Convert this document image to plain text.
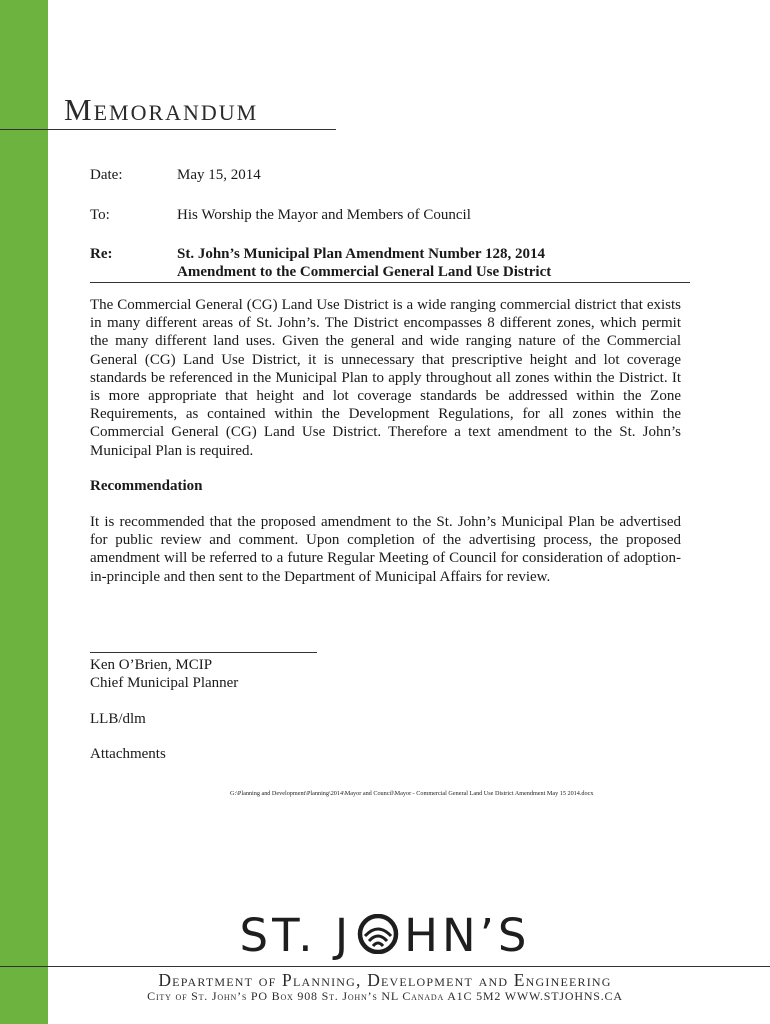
Memorandum
Date:	May 15, 2014
To:	His Worship the Mayor and Members of Council
Re:	St. John’s Municipal Plan Amendment Number 128, 2014
Amendment to the Commercial General Land Use District

The Commercial General (CG) Land Use District is a wide ranging commercial district that exists in many different areas of St. John’s. The District encompasses 8 different zones, which permit the many different land uses. Given the general and wide ranging nature of the Commercial General (CG) Land Use District, it is unnecessary that prescriptive height and lot coverage standards be referenced in the Municipal Plan to apply throughout all zones within the District. It is more appropriate that height and lot coverage standards be addressed within the Zone Requirements, as contained within the Development Regulations, for all zones within the Commercial General (CG) Land Use District. Therefore a text amendment to the St. John’s Municipal Plan is required.

Recommendation

It is recommended that the proposed amendment to the St. John’s Municipal Plan be advertised for public review and comment. Upon completion of the advertising process, the proposed amendment will be referred to a future Regular Meeting of Council for consideration of adoption-in-principle and then sent to the Department of Municipal Affairs for review.

Ken O’Brien, MCIP
Chief Municipal Planner
LLB/dlm
Attachments
G:\Planning and Development\Planning\2014\Mayor and Council\Mayor - Commercial General Land Use District Amendment May 15 2014.docx
ST. J HN’S
Department of Planning, Development and Engineering
City of St. John’s PO Box 908 St. John’s NL Canada A1C 5M2 WWW.STJOHNS.CA
